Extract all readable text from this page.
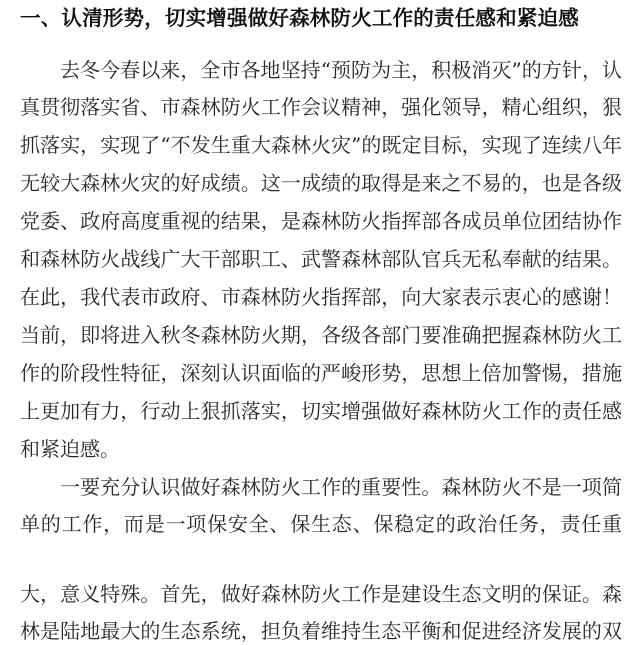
一、认清形势，切实增强做好森林防火工作的责任感和紧迫感
去冬今春以来，全市各地坚持“预防为主，积极消灭”的方针，认
真贯彻落实省、市森林防火工作会议精神，强化领导，精心组织，狠
抓落实，实现了“不发生重大森林火灾”的既定目标，实现了连续八年
无较大森林火灾的好成绩。这一成绩的取得是来之不易的，也是各级
党委、政府高度重视的结果，是森林防火指挥部各成员单位团结协作
和森林防火战线广大干部职工、武警森林部队官兵无私奉献的结果。
在此，我代表市政府、市森林防火指挥部，向大家表示衷心的感谢！
当前，即将进入秋冬森林防火期，各级各部门要准确把握森林防火工
作的阶段性特征，深刻认识面临的严峻形势，思想上倍加警惕，措施
上更加有力，行动上狠抓落实，切实增强做好森林防火工作的责任感
和紧迫感。
一要充分认识做好森林防火工作的重要性。森林防火不是一项简
单的工作，而是一项保安全、保生态、保稳定的政治任务，责任重
大，意义特殊。首先，做好森林防火工作是建设生态文明的保证。森
林是陆地最大的生态系统，担负着维持生态平衡和促进经济发展的双
